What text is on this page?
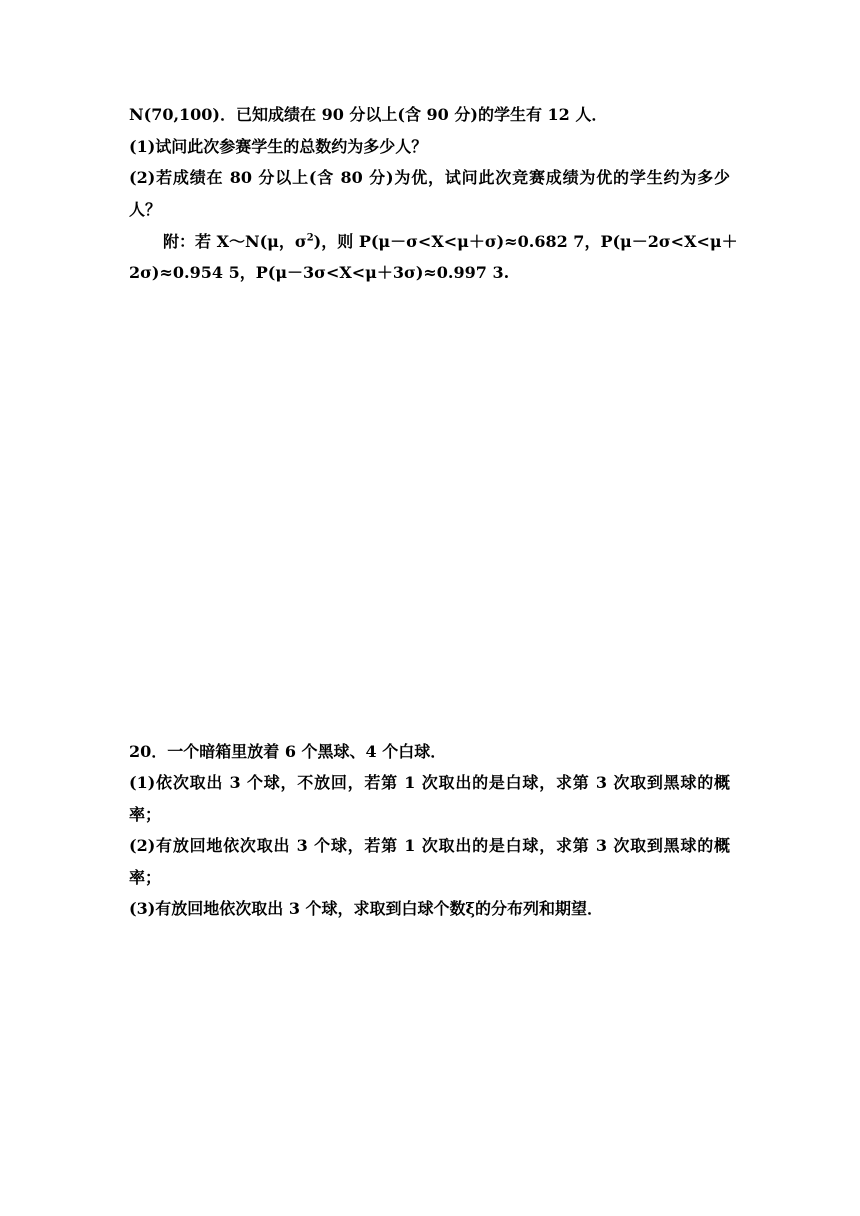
N(70,100)．已知成绩在 90 分以上(含 90 分)的学生有 12 人．
(1)试问此次参赛学生的总数约为多少人？
(2)若成绩在 80 分以上(含 80 分)为优，试问此次竞赛成绩为优的学生约为多少
人？
附：若 X～N(μ，$\sigma^2$)，则 P(μ－σ<X<μ＋σ)≈0.682 7，P(μ－2σ<X<μ＋
2σ)≈0.954 5，P(μ－3σ<X<μ＋3σ)≈0.997 3.
20．一个暗箱里放着 6 个黑球、4 个白球．
(1)依次取出 3 个球，不放回，若第 1 次取出的是白球，求第 3 次取到黑球的概
率；
(2)有放回地依次取出 3 个球，若第 1 次取出的是白球，求第 3 次取到黑球的概
率；
(3)有放回地依次取出 3 个球，求取到白球个数ξ的分布列和期望．
